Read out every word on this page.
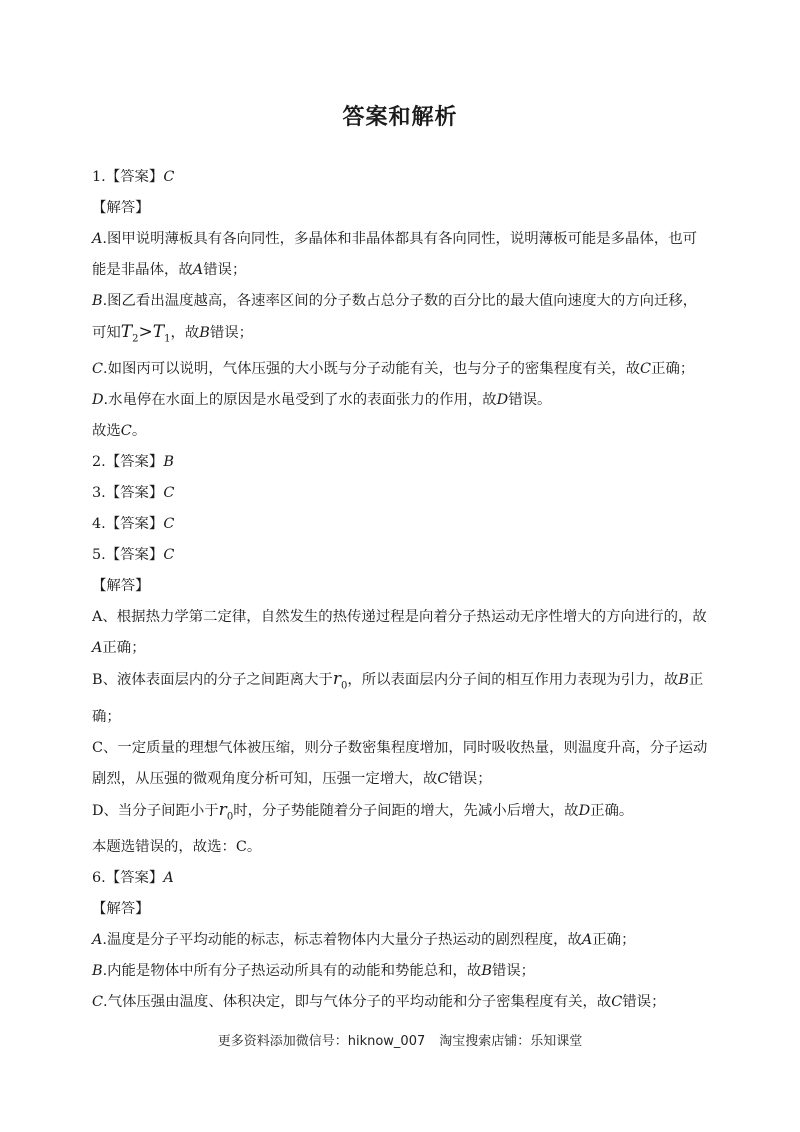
答案和解析
1.【答案】C
【解答】
A.图甲说明薄板具有各向同性，多晶体和非晶体都具有各向同性，说明薄板可能是多晶体，也可能是非晶体，故A错误；
B.图乙看出温度越高，各速率区间的分子数占总分子数的百分比的最大值向速度大的方向迁移，可知$T_2>T_1$，故B错误；
C.如图丙可以说明，气体压强的大小既与分子动能有关，也与分子的密集程度有关，故C正确；
D.水黾停在水面上的原因是水黾受到了水的表面张力的作用，故D错误。
故选C。
2.【答案】B
3.【答案】C
4.【答案】C
5.【答案】C
【解答】
A、根据热力学第二定律，自然发生的热传递过程是向着分子热运动无序性增大的方向进行的，故A正确；
B、液体表面层内的分子之间距离大于$r_0$，所以表面层内分子间的相互作用力表现为引力，故B正确；
C、一定质量的理想气体被压缩，则分子数密集程度增加，同时吸收热量，则温度升高，分子运动剧烈，从压强的微观角度分析可知，压强一定增大，故C错误；
D、当分子间距小于$r_0$时，分子势能随着分子间距的增大，先减小后增大，故D正确。
本题选错误的，故选：C。
6.【答案】A
【解答】
A.温度是分子平均动能的标志，标志着物体内大量分子热运动的剧烈程度，故A正确；
B.内能是物体中所有分子热运动所具有的动能和势能总和，故B错误；
C.气体压强由温度、体积决定，即与气体分子的平均动能和分子密集程度有关，故C错误；
更多资料添加微信号：hiknow_007 淘宝搜索店铺：乐知课堂
